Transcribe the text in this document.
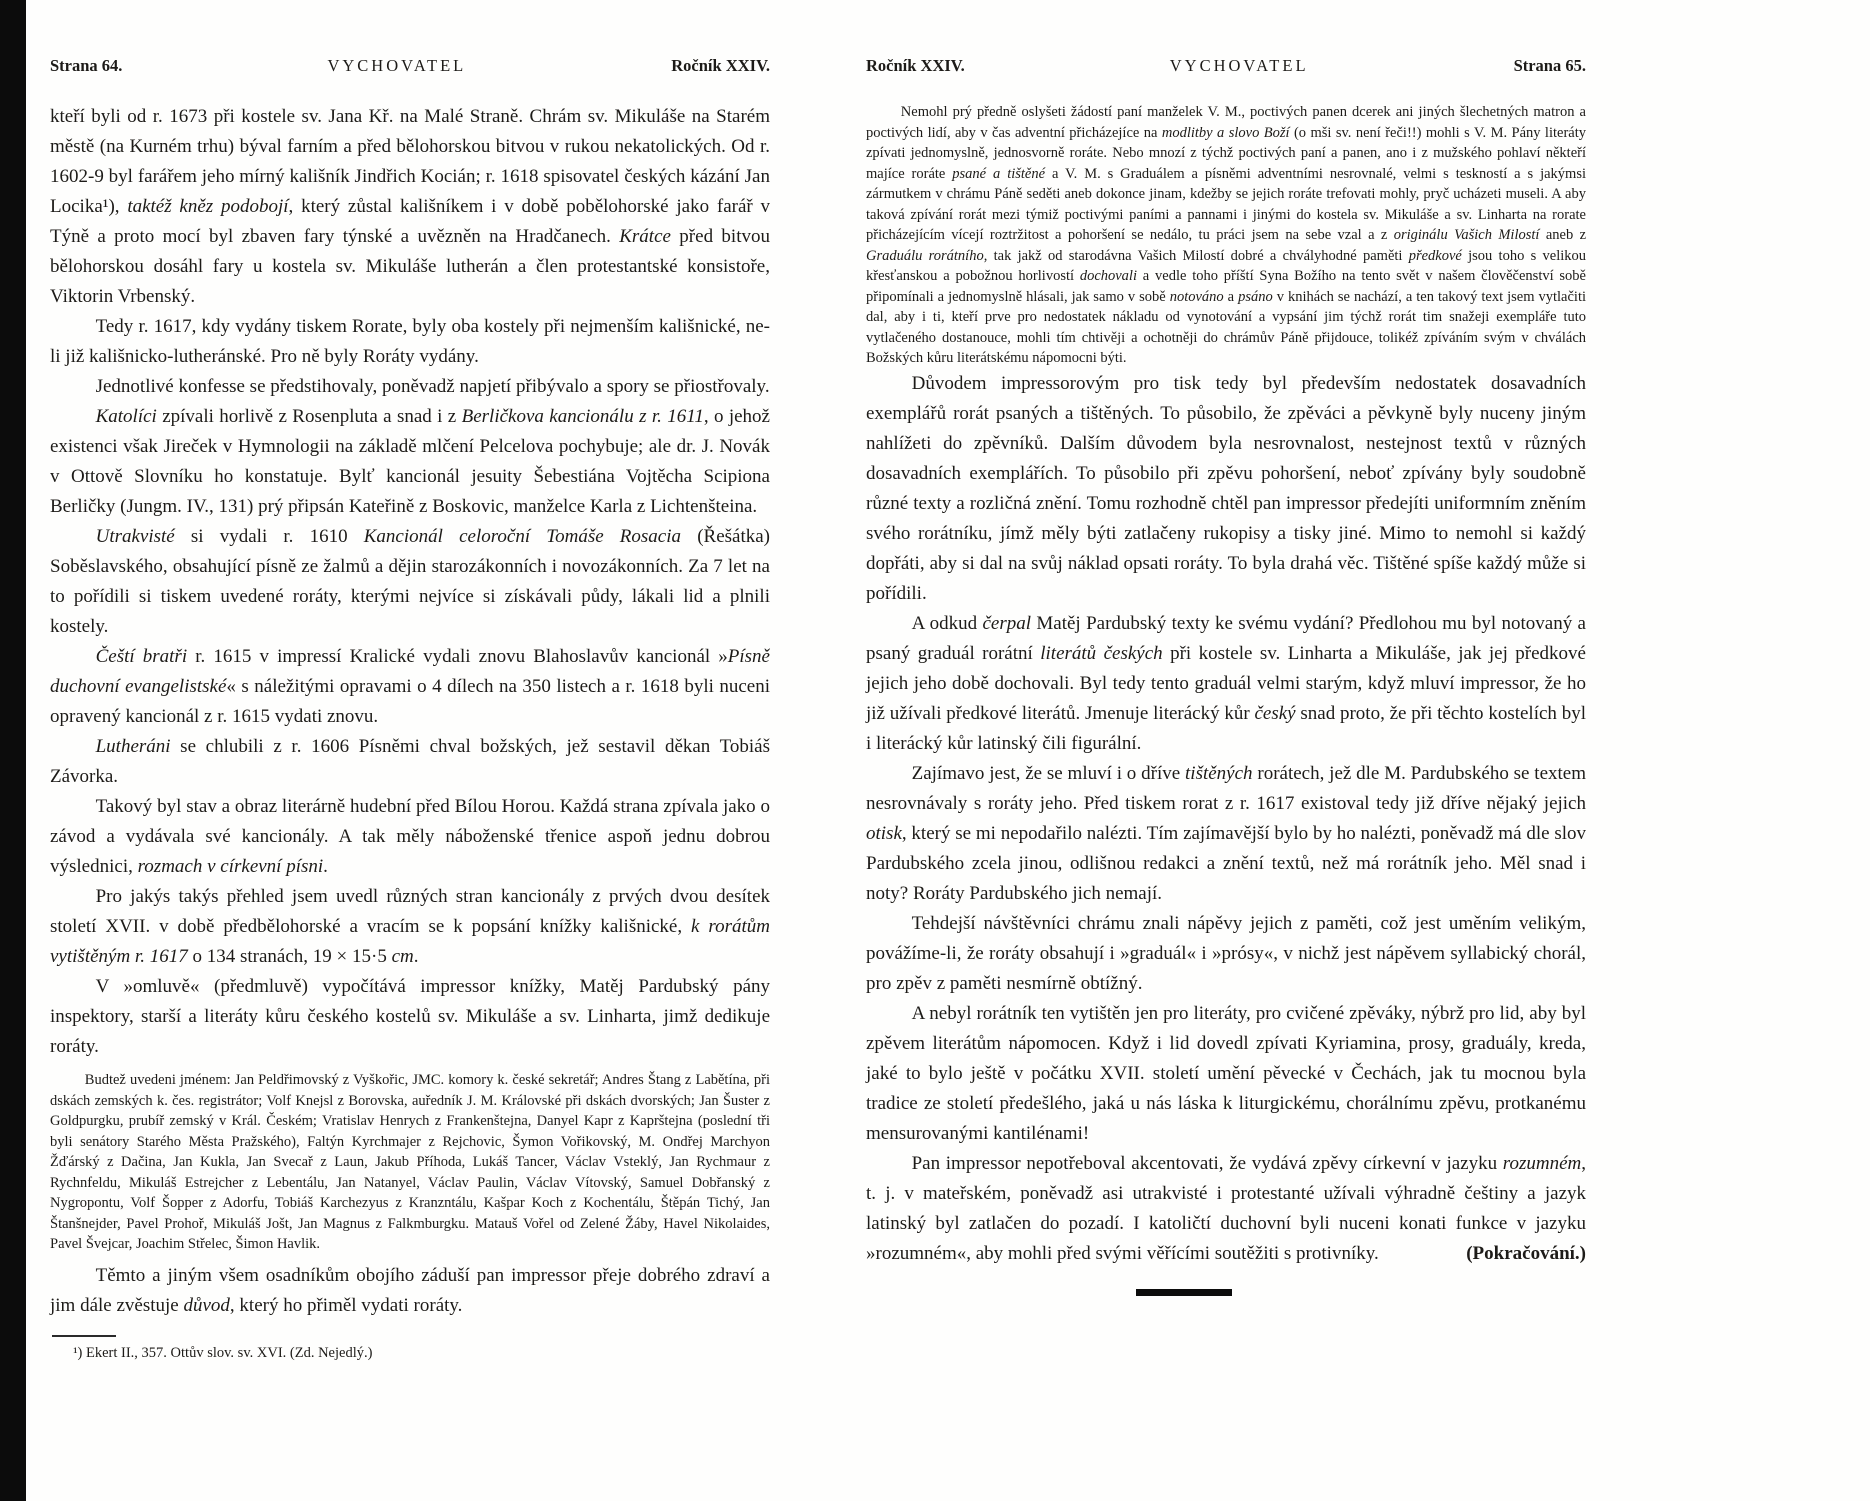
Strana 64.	VYCHOVATEL	Ročník XXIV.

kteří byli od r. 1673 při kostele sv. Jana Kř. na Malé Straně. Chrám sv. Mikuláše na Starém městě (na Kurném trhu) býval farním a před bělohorskou bitvou v rukou nekatolických. Od r. 1602-9 byl farářem jeho mírný kališník Jindřich Kocián; r. 1618 spisovatel českých kázání Jan Locika¹), taktéž kněz podobojí, který zůstal kališníkem i v době pobělohorské jako farář v Týně a proto mocí byl zbaven fary týnské a uvězněn na Hradčanech. Krátce před bitvou bělohorskou dosáhl fary u kostela sv. Mikuláše lutherán a člen protestantské konsistoře, Viktorin Vrbenský.

Tedy r. 1617, kdy vydány tiskem Rorate, byly oba kostely při nejmenším kališnické, ne-li již kališnicko-lutheránské. Pro ně byly Roráty vydány.

Jednotlivé konfesse se předstihovaly, poněvadž napjetí přibývalo a spory se přiostřovaly.

Katolíci zpívali horlivě z Rosenpluta a snad i z Berličkova kancionálu z r. 1611, o jehož existenci však Jireček v Hymnologii na základě mlčení Pelcelova pochybuje; ale dr. J. Novák v Ottově Slovníku ho konstatuje. Bylť kancionál jesuity Šebestiána Vojtěcha Scipiona Berličky (Jungm. IV., 131) prý připsán Kateřině z Boskovic, manželce Karla z Lichtenšteina.

Utrakvisté si vydali r. 1610 Kancionál celoroční Tomáše Rosacia (Řešátka) Soběslavského, obsahující písně ze žalmů a dějin starozákonních i novozákonních. Za 7 let na to pořídili si tiskem uvedené roráty, kterými nejvíce si získávali půdy, lákali lid a plnili kostely.

Čeští bratři r. 1615 v impressí Kralické vydali znovu Blahoslavův kancionál »Písně duchovní evangelistské« s náležitými opravami o 4 dílech na 350 listech a r. 1618 byli nuceni opravený kancionál z r. 1615 vydati znovu.

Lutheráni se chlubili z r. 1606 Písněmi chval božských, jež sestavil děkan Tobiáš Závorka.

Takový byl stav a obraz literárně hudební před Bílou Horou. Každá strana zpívala jako o závod a vydávala své kancionály. A tak měly náboženské třenice aspoň jednu dobrou výslednici, rozmach v církevní písni.

Pro jakýs takýs přehled jsem uvedl různých stran kancionály z prvých dvou desítek století XVII. v době předbělohorské a vracím se k popsání knížky kališnické, k rorátům vytištěným r. 1617 o 134 stranách, 19 × 15·5 cm.

V »omluvě« (předmluvě) vypočítává impressor knížky, Matěj Pardubský pány inspektory, starší a literáty kůru českého kostelů sv. Mikuláše a sv. Linharta, jimž dedikuje roráty.

Budtež uvedeni jménem: Jan Peldřimovský z Vyškořic, JMC. komory k. české sekretář; Andres Štang z Labětína, při dskách zemských k. čes. registrátor; Volf Knejsl z Borovska, auředník J. M. Královské při dskách dvorských; Jan Šuster z Goldpurgku, prubíř zemský v Král. Českém; Vratislav Henrych z Frankenštejna, Danyel Kapr z Kaprštejna (poslední tři byli senátory Starého Města Pražského), Faltýn Kyrchmajer z Rejchovic, Šymon Vořikovský, M. Ondřej Marchyon Žďárský z Dačina, Jan Kukla, Jan Svecař z Laun, Jakub Příhoda, Lukáš Tancer, Václav Vsteklý, Jan Rychmaur z Rychnfeldu, Mikuláš Estrejcher z Lebentálu, Jan Natanyel, Václav Paulin, Václav Vítovský, Samuel Dobřanský z Nygropontu, Volf Šopper z Adorfu, Tobiáš Karchezyus z Kranzntálu, Kašpar Koch z Kochentálu, Štěpán Tichý, Jan Štanšnejder, Pavel Prohoř, Mikuláš Jošt, Jan Magnus z Falkmburgku. Matauš Vořel od Zelené Žáby, Havel Nikolaides, Pavel Švejcar, Joachim Střelec, Šimon Havlik.

Těmto a jiným všem osadníkům obojího záduší pan impressor přeje dobrého zdraví a jim dále zvěstuje důvod, který ho přiměl vydati roráty.

¹) Ekert II., 357. Ottův slov. sv. XVI. (Zd. Nejedlý.)
Ročník XXIV.	VYCHOVATEL	Strana 65.

Nemohl prý předně oslyšeti žádostí paní manželek V. M., poctivých panen dcerek ani jiných šlechetných matron a poctivých lidí, aby v čas adventní přicházejíce na modlitby a slovo Boží (o mši sv. není řeči!!) mohli s V. M. Pány literáty zpívati jednomyslně, jednosvorně roráte. Nebo mnozí z týchž poctivých paní a panen, ano i z mužského pohlaví někteří majíce roráte psané a tištěné a V. M. s Graduálem a písněmi adventními nesrovnalé, velmi s teskností a s jakýmsi zármutkem v chrámu Páně seděti aneb dokonce jinam, kdežby se jejich roráte trefovati mohly, pryč ucházeti museli. A aby taková zpívání rorát mezi týmiž poctivými paními a pannami i jinými do kostela sv. Mikuláše a sv. Linharta na rorate přicházejícím vícejí roztržitost a pohoršení se nedálo, tu práci jsem na sebe vzal a z originálu Vašich Milostí aneb z Graduálu rorátního, tak jakž od starodávna Vašich Milostí dobré a chvályhodné paměti předkové jsou toho s velikou křesťanskou a pobožnou horlivostí dochovali a vedle toho příští Syna Božího na tento svět v našem člověčenství sobě připomínali a jednomyslně hlásali, jak samo v sobě notováno a psáno v knihách se nachází, a ten takový text jsem vytlačiti dal, aby i ti, kteří prve pro nedostatek nákladu od vynotování a vypsání jim týchž rorát tim snažeji exempláře tuto vytlačeného dostanouce, mohli tím chtivěji a ochotněji do chrámův Páně přijdouce, tolikéž zpíváním svým v chválách Božských kůru literátskému nápomocni býti.

Důvodem impressorovým pro tisk tedy byl především nedostatek dosavadních exemplářů rorát psaných a tištěných. To působilo, že zpěváci a pěvkyně byly nuceny jiným nahlížeti do zpěvníků. Dalším důvodem byla nesrovnalost, nestejnost textů v různých dosavadních exemplářích. To působilo při zpěvu pohoršení, neboť zpívány byly soudobně různé texty a rozličná znění. Tomu rozhodně chtěl pan impressor předejíti uniformním zněním svého rorátníku, jímž měly býti zatlačeny rukopisy a tisky jiné. Mimo to nemohl si každý dopřáti, aby si dal na svůj náklad opsati roráty. To byla drahá věc. Tištěné spíše každý může si pořídili.

A odkud čerpal Matěj Pardubský texty ke svému vydání? Předlohou mu byl notovaný a psaný graduál rorátní literátů českých při kostele sv. Linharta a Mikuláše, jak jej předkové jejich jeho době dochovali. Byl tedy tento graduál velmi starým, když mluví impressor, že ho již užívali předkové literátů. Jmenuje literácký kůr český snad proto, že při těchto kostelích byl i literácký kůr latinský čili figurální.

Zajímavo jest, že se mluví i o dříve tištěných rorátech, jež dle M. Pardubského se textem nesrovnávaly s roráty jeho. Před tiskem rorat z r. 1617 existoval tedy již dříve nějaký jejich otisk, který se mi nepodařilo nalézti. Tím zajímavější bylo by ho nalézti, poněvadž má dle slov Pardubského zcela jinou, odlišnou redakci a znění textů, než má rorátník jeho. Měl snad i noty? Roráty Pardubského jich nemají.

Tehdejší návštěvníci chrámu znali nápěvy jejich z paměti, což jest uměním velikým, povážíme-li, že roráty obsahují i »graduál« i »prósy«, v nichž jest nápěvem syllabický chorál, pro zpěv z paměti nesmírně obtížný.

A nebyl rorátník ten vytištěn jen pro literáty, pro cvičené zpěváky, nýbrž pro lid, aby byl zpěvem literátům nápomocen. Když i lid dovedl zpívati Kyriamina, prosy, graduály, kreda, jaké to bylo ještě v počátku XVII. století umění pěvecké v Čechách, jak tu mocnou byla tradice ze století předešlého, jaká u nás láska k liturgickému, chorálnímu zpěvu, protkanému mensurovanými kantilénami!

Pan impressor nepotřeboval akcentovati, že vydává zpěvy církevní v jazyku rozumném, t. j. v mateřském, poněvadž asi utrakvisté i protestanté užívali výhradně češtiny a jazyk latinský byl zatlačen do pozadí. I katoličtí duchovní byli nuceni konati funkce v jazyku »rozumném«, aby mohli před svými věřícími soutěžiti s protivníky.	(Pokračování.)
